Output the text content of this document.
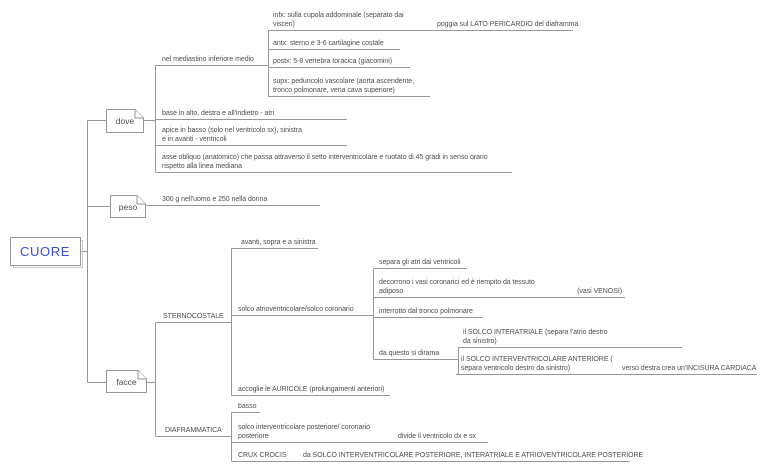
CUORE
dove
peso
facce
nel mediastino inferiore medio
infx: sulla cupola addominale (separato dai
visceri)	poggia sul LATO PERICARDIO del diaframma
antx: sterno e 3-6 cartilagine costale
postx: 5-8 vertebra toracica (giacomini)
supx: peduncolo vascolare (aorta ascendente,
tronco polmonare, vena cava superiore)
base in alto, destra e all'indietro - atri
apice in basso (solo nel ventricolo sx), sinistra
e in avanti - ventricoli
asse obliquo (anatomico) che passa attraverso il setto interventricolare e ruotato di 45 gradi in senso orario
rispetto alla linea mediana
300 g nell'uomo e 250 nella donna
STERNOCOSTALE
avanti, sopra e a sinistra
solco atrioventricolare/solco coronario
separa gli atri dai ventricoli
decorrono i vasi coronarici ed è riempito da tessuto
adiposo	(vasi VENOSI)
interrotto dal tronco polmonare
da questo si dirama
il SOLCO INTERATRIALE (separa l'atrio destro
da sinistro)
il SOLCO INTERVENTRICOLARE ANTERIORE (
separa ventricolo destro da sinistro)	verso destra crea un'INCISURA CARDIACA
accoglie le AURICOLE (prolungamenti anteriori)
DIAFRAMMATICA
basso
solco interventricolare posteriore/ coronario
posteriore	divide il ventricolo dx e sx
CRUX CROCIS	da SOLCO INTERVENTRICOLARE POSTERIORE, INTERATRIALE E ATRIOVENTRICOLARE POSTERIORE
